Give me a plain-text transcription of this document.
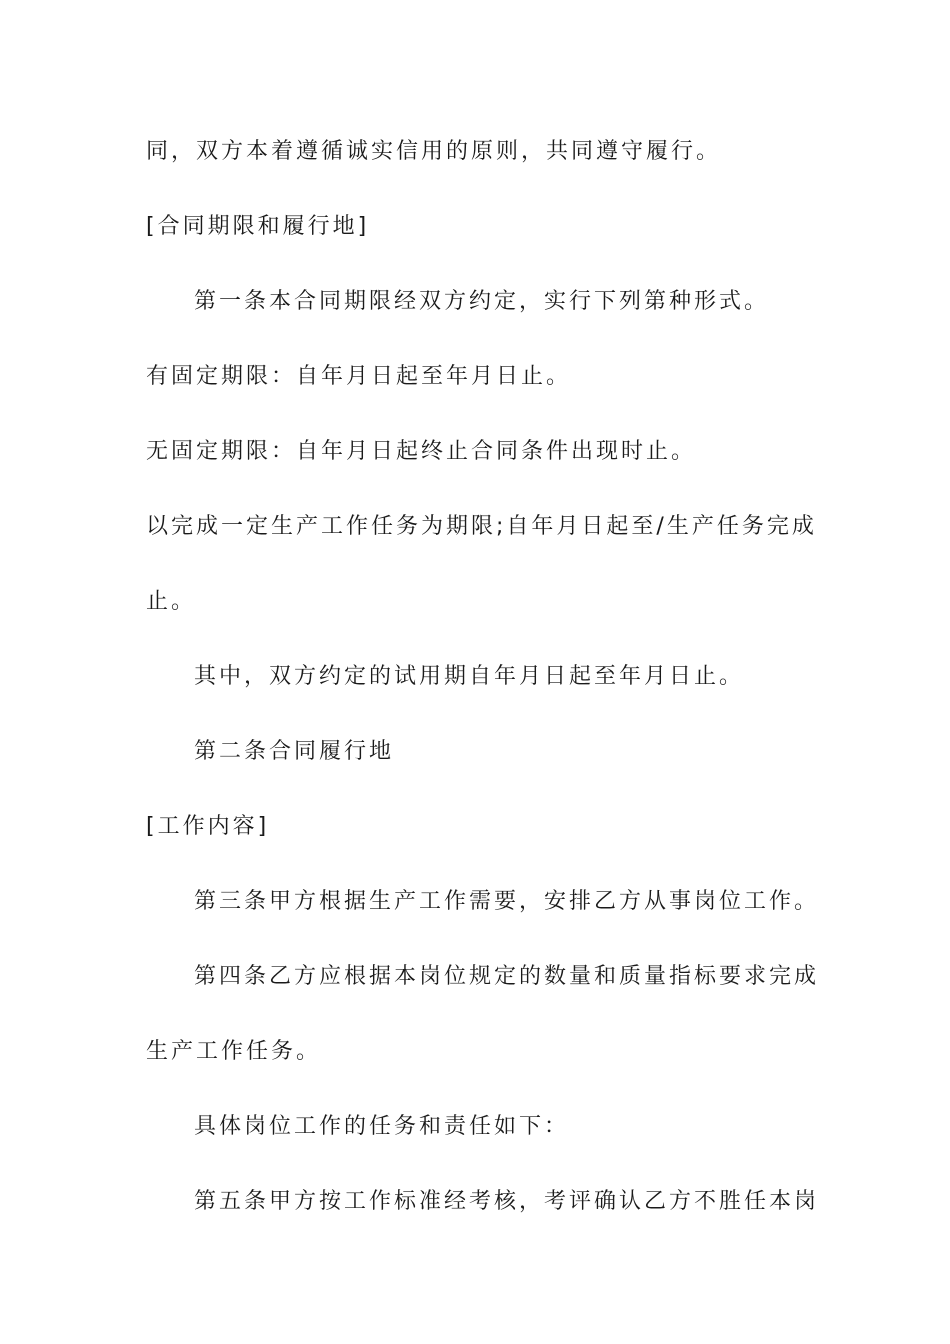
同，双方本着遵循诚实信用的原则，共同遵守履行。
[合同期限和履行地]
第一条本合同期限经双方约定，实行下列第种形式。
有固定期限：自年月日起至年月日止。
无固定期限：自年月日起终止合同条件出现时止。
以完成一定生产工作任务为期限;自年月日起至/生产任务完成
止。
其中，双方约定的试用期自年月日起至年月日止。
第二条合同履行地
[工作内容]
第三条甲方根据生产工作需要，安排乙方从事岗位工作。
第四条乙方应根据本岗位规定的数量和质量指标要求完成
生产工作任务。
具体岗位工作的任务和责任如下：
第五条甲方按工作标准经考核，考评确认乙方不胜任本岗
